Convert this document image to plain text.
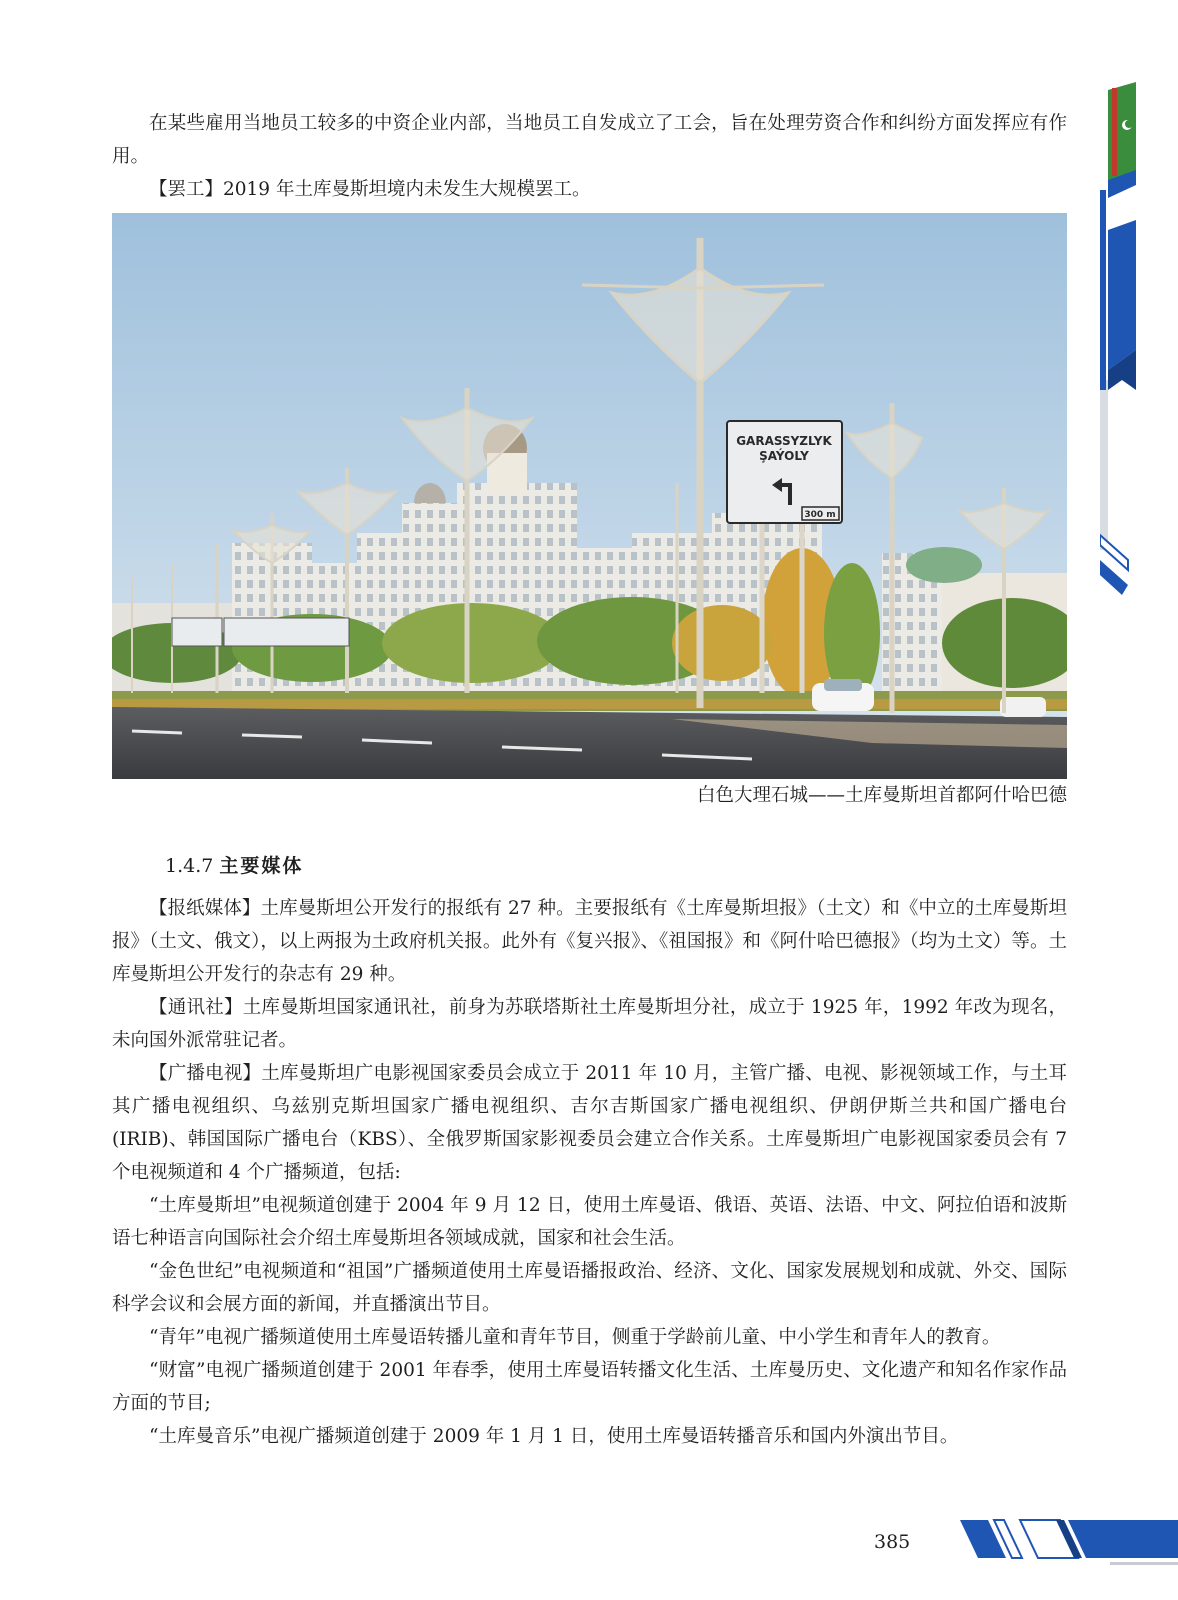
在某些雇用当地员工较多的中资企业内部，当地员工自发成立了工会，旨在处理劳资合作和纠纷方面发挥应有作用。

【罢工】2019 年土库曼斯坦境内未发生大规模罢工。

GARASSYZLYK
ŞAÝOLY
300 m
白色大理石城——土库曼斯坦首都阿什哈巴德
1.4.7 主要媒体

【报纸媒体】土库曼斯坦公开发行的报纸有 27 种。主要报纸有《土库曼斯坦报》（土文）和《中立的土库曼斯坦报》（土文、俄文），以上两报为土政府机关报。此外有《复兴报》、《祖国报》和《阿什哈巴德报》（均为土文）等。土库曼斯坦公开发行的杂志有 29 种。

【通讯社】土库曼斯坦国家通讯社，前身为苏联塔斯社土库曼斯坦分社，成立于 1925 年，1992 年改为现名，未向国外派常驻记者。

【广播电视】土库曼斯坦广电影视国家委员会成立于 2011 年 10 月，主管广播、电视、影视领域工作，与土耳其广播电视组织、乌兹别克斯坦国家广播电视组织、吉尔吉斯国家广播电视组织、伊朗伊斯兰共和国广播电台 (IRIB)、韩国国际广播电台（KBS）、全俄罗斯国家影视委员会建立合作关系。土库曼斯坦广电影视国家委员会有 7 个电视频道和 4 个广播频道，包括:

“土库曼斯坦”电视频道创建于 2004 年 9 月 12 日，使用土库曼语、俄语、英语、法语、中文、阿拉伯语和波斯语七种语言向国际社会介绍土库曼斯坦各领域成就，国家和社会生活。

“金色世纪”电视频道和“祖国”广播频道使用土库曼语播报政治、经济、文化、国家发展规划和成就、外交、国际科学会议和会展方面的新闻，并直播演出节目。

“青年”电视广播频道使用土库曼语转播儿童和青年节目，侧重于学龄前儿童、中小学生和青年人的教育。

“财富”电视广播频道创建于 2001 年春季，使用土库曼语转播文化生活、土库曼历史、文化遗产和知名作家作品方面的节目;

“土库曼音乐”电视广播频道创建于 2009 年 1 月 1 日，使用土库曼语转播音乐和国内外演出节目。

385
